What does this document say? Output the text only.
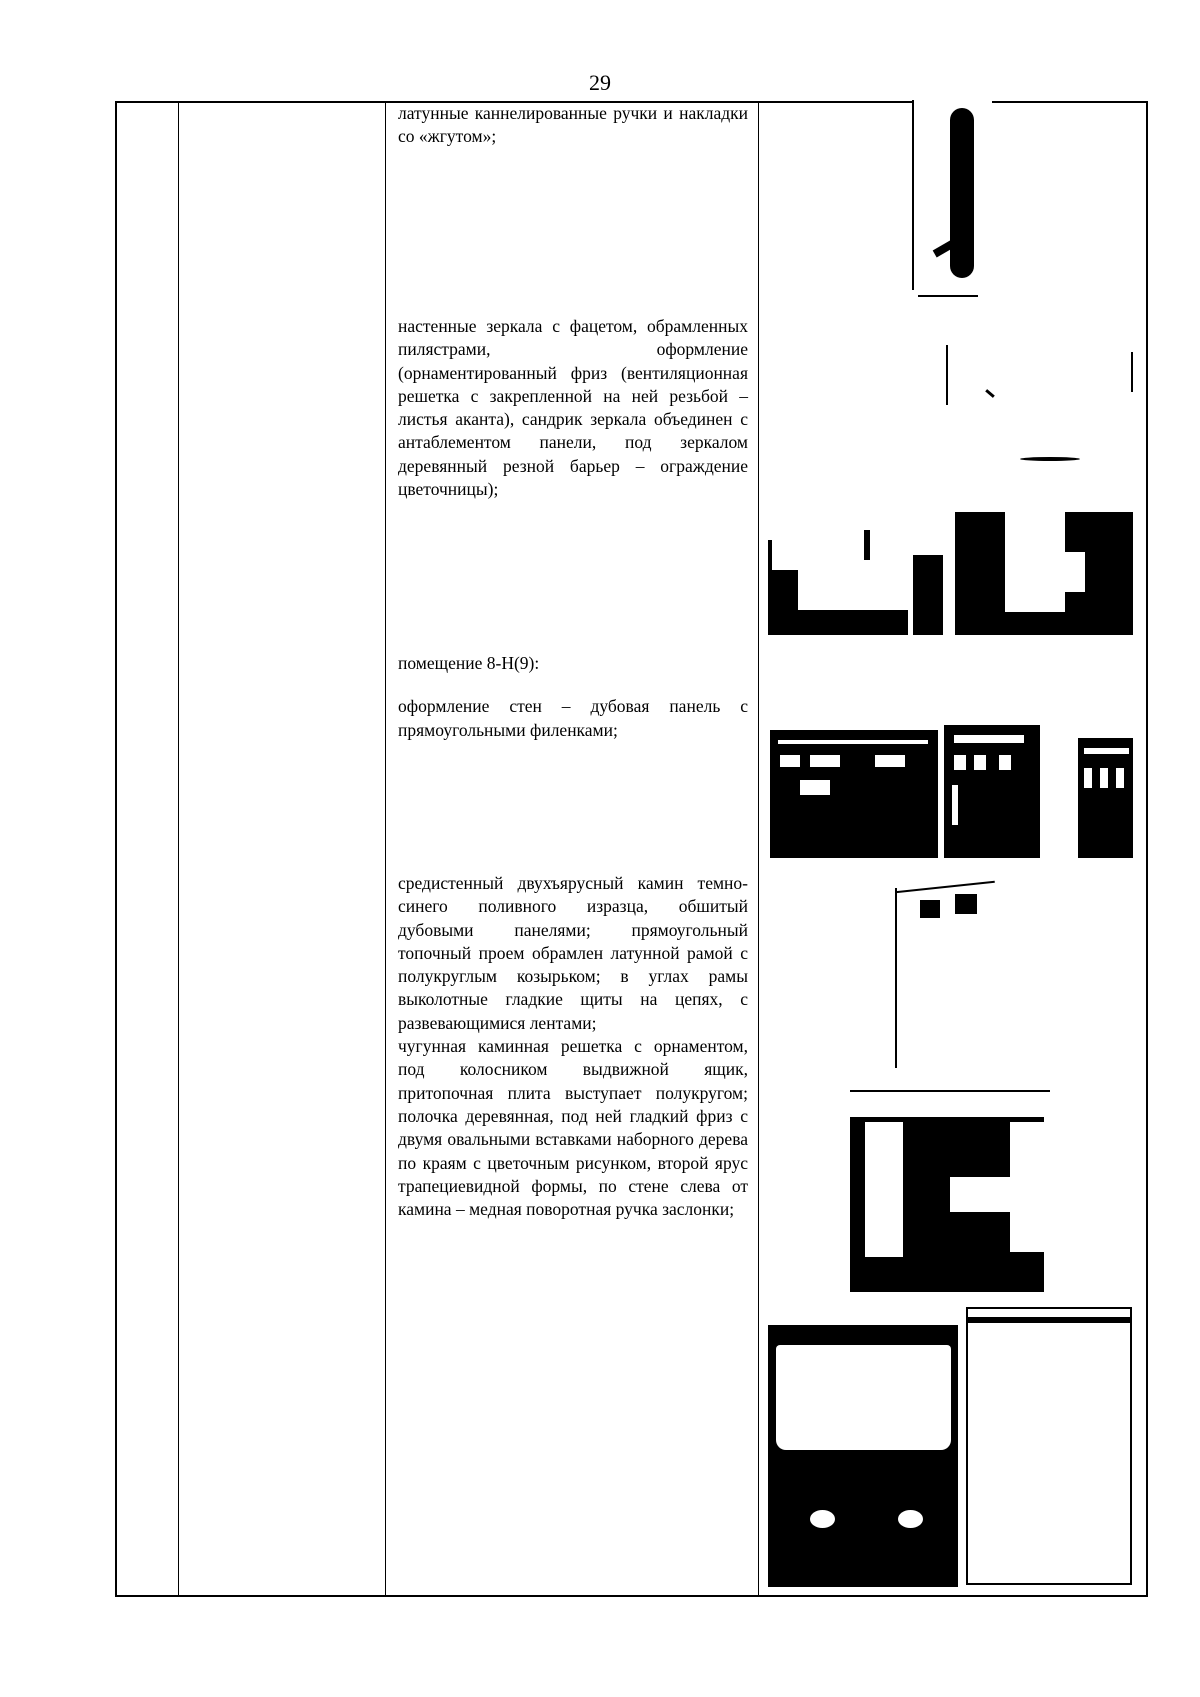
29

латунные каннелированные ручки и накладки со «жгутом»;

настенные зеркала с фацетом, обрамленных пилястрами, оформление (орнаментированный фриз (вентиляционная решетка с закрепленной на ней резьбой – листья аканта), сандрик зеркала объединен с антаблементом панели, под зеркалом деревянный резной барьер – ограждение цветочницы);

помещение 8-Н(9):

оформление стен – дубовая панель с прямоугольными филенками;

средистенный двухъярусный камин темно-синего поливного изразца, обшитый дубовыми панелями; прямоугольный топочный проем обрамлен латунной рамой с полукруглым козырьком; в углах рамы выколотные гладкие щиты на цепях, с развевающимися лентами;

чугунная каминная решетка с орнаментом, под колосником выдвижной ящик, притопочная плита выступает полукругом; полочка деревянная, под ней гладкий фриз с двумя овальными вставками наборного дерева по краям с цветочным рисунком, второй ярус трапециевидной формы, по стене слева от камина – медная поворотная ручка заслонки;
